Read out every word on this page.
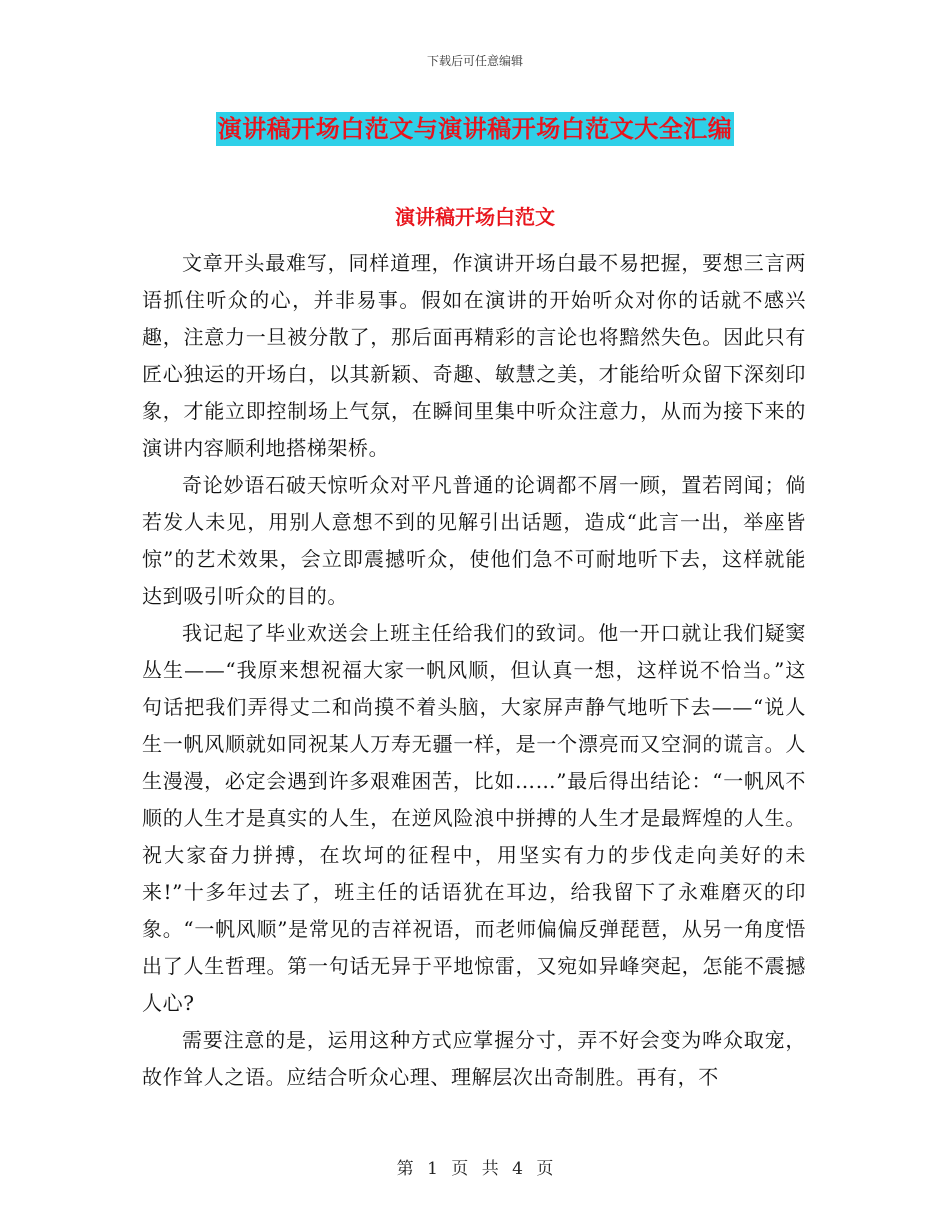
下载后可任意编辑
演讲稿开场白范文与演讲稿开场白范文大全汇编
演讲稿开场白范文

文章开头最难写，同样道理，作演讲开场白最不易把握，要想三言两语抓住听众的心，并非易事。假如在演讲的开始听众对你的话就不感兴趣，注意力一旦被分散了，那后面再精彩的言论也将黯然失色。因此只有匠心独运的开场白，以其新颖、奇趣、敏慧之美，才能给听众留下深刻印象，才能立即控制场上气氛，在瞬间里集中听众注意力，从而为接下来的演讲内容顺利地搭梯架桥。

奇论妙语石破天惊听众对平凡普通的论调都不屑一顾，置若罔闻；倘若发人未见，用别人意想不到的见解引出话题，造成“此言一出，举座皆惊”的艺术效果，会立即震撼听众，使他们急不可耐地听下去，这样就能达到吸引听众的目的。

我记起了毕业欢送会上班主任给我们的致词。他一开口就让我们疑窦丛生——“我原来想祝福大家一帆风顺，但认真一想，这样说不恰当。”这句话把我们弄得丈二和尚摸不着头脑，大家屏声静气地听下去——“说人生一帆风顺就如同祝某人万寿无疆一样，是一个漂亮而又空洞的谎言。人生漫漫，必定会遇到许多艰难困苦，比如……”最后得出结论：“一帆风不顺的人生才是真实的人生，在逆风险浪中拼搏的人生才是最辉煌的人生。祝大家奋力拼搏，在坎坷的征程中，用坚实有力的步伐走向美好的未来!”十多年过去了，班主任的话语犹在耳边，给我留下了永难磨灭的印象。“一帆风顺”是常见的吉祥祝语，而老师偏偏反弹琵琶，从另一角度悟出了人生哲理。第一句话无异于平地惊雷，又宛如异峰突起，怎能不震撼人心?

需要注意的是，运用这种方式应掌握分寸，弄不好会变为哗众取宠，故作耸人之语。应结合听众心理、理解层次出奇制胜。再有，不

第 1 页 共 4 页
